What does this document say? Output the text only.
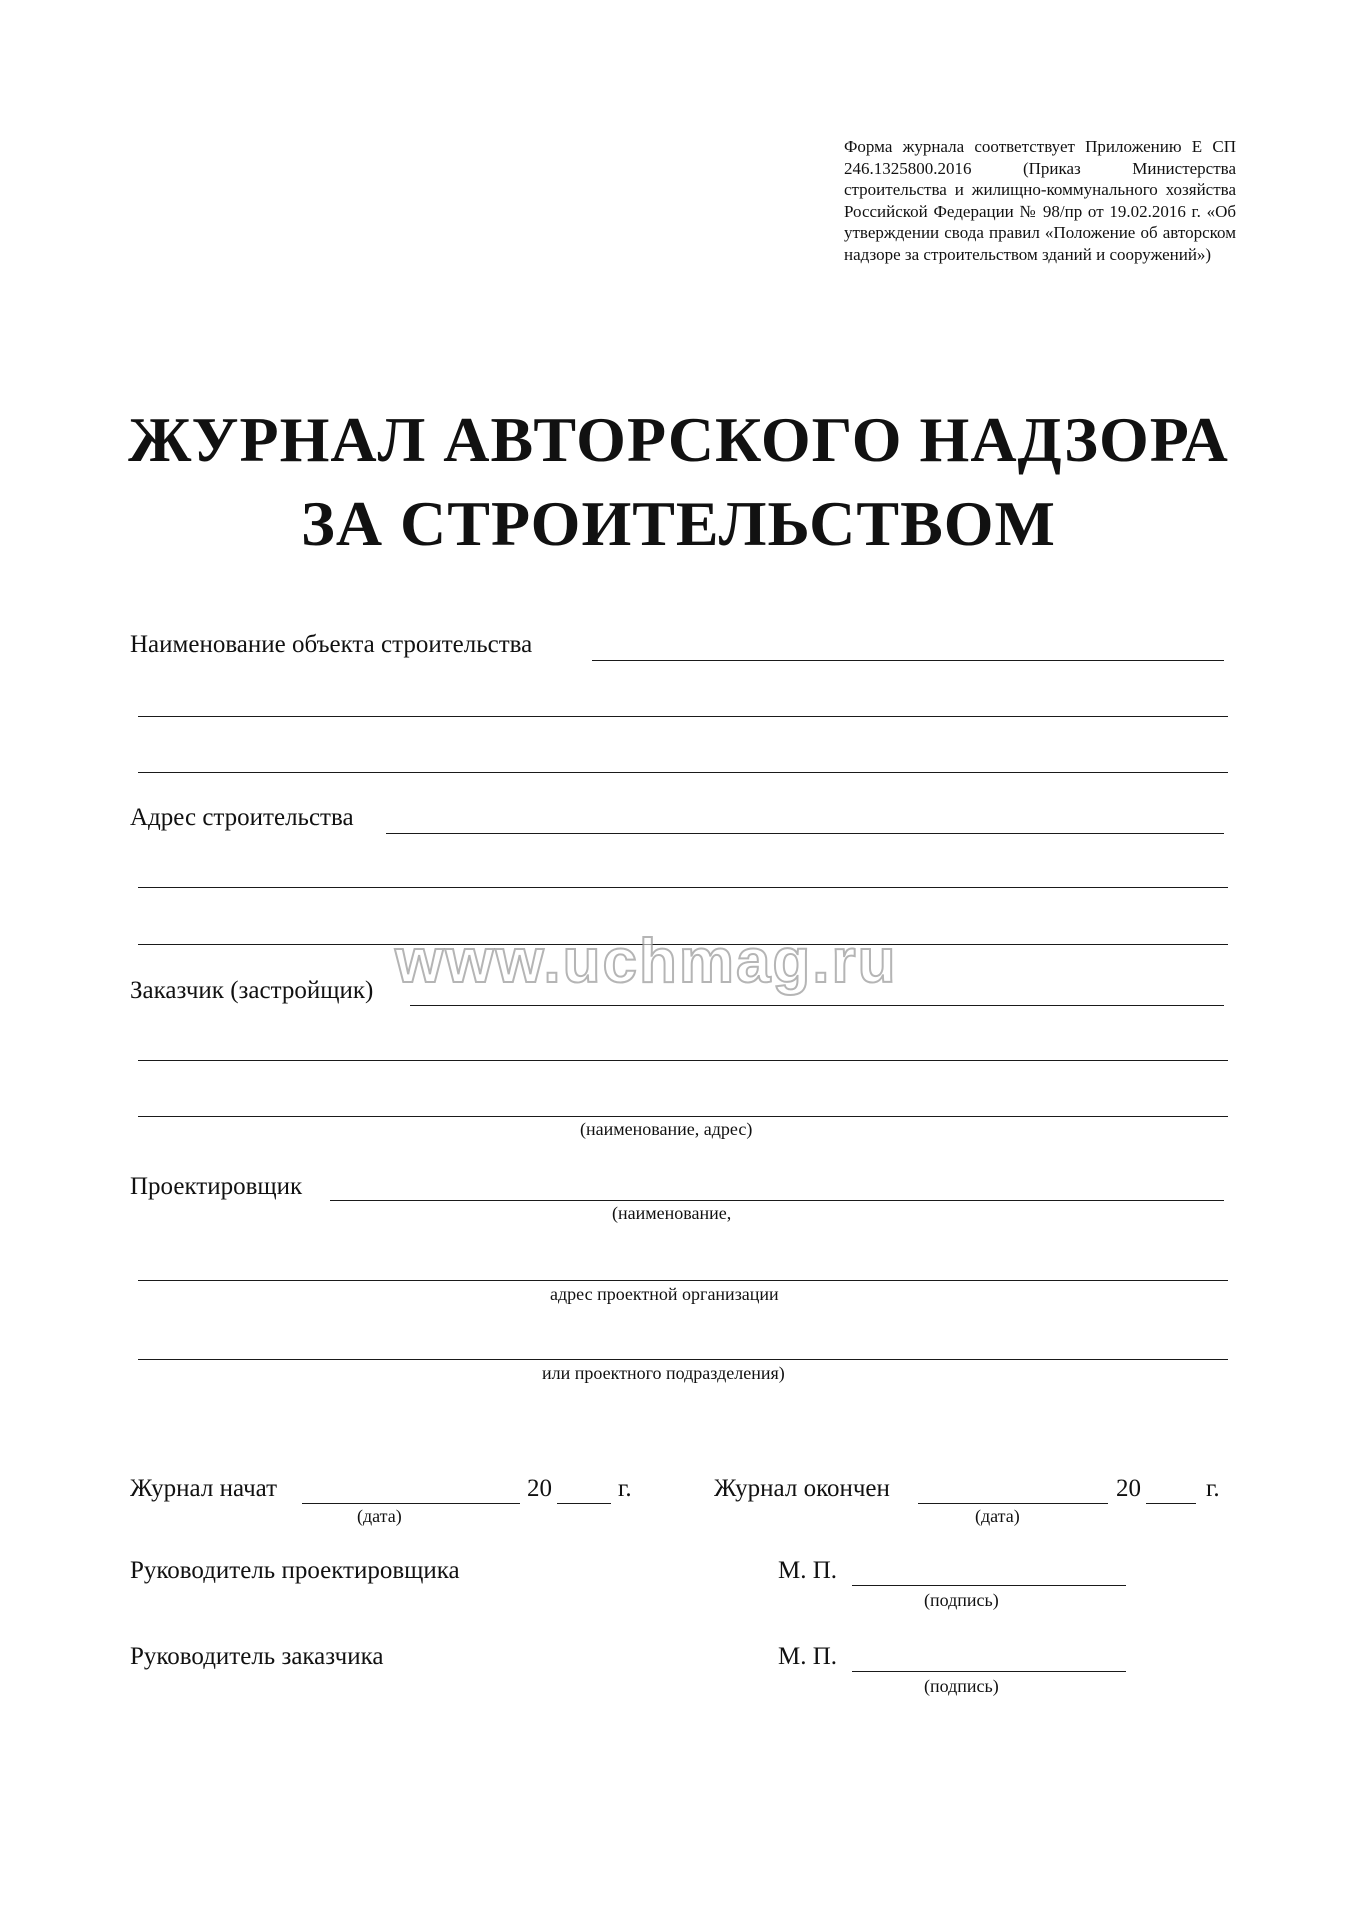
Форма журнала соответствует Приложению Е СП 246.1325800.2016 (Приказ Министерства строительства и жилищно-коммунального хозяйства Российской Федерации № 98/пр от 19.02.2016 г. «Об утверждении свода правил «Положение об авторском надзоре за строительством зданий и сооружений»)
ЖУРНАЛ АВТОРСКОГО НАДЗОРА
ЗА СТРОИТЕЛЬСТВОМ
Наименование объекта строительства
Адрес строительства
Заказчик (застройщик)
(наименование, адрес)
Проектировщик
(наименование,
адрес проектной организации
или проектного подразделения)
Журнал начат	20	г.
(дата)
Журнал окончен	20	г.
(дата)
Руководитель проектировщика	М. П.
(подпись)
Руководитель заказчика	М. П.
(подпись)
www.uchmag.ru
